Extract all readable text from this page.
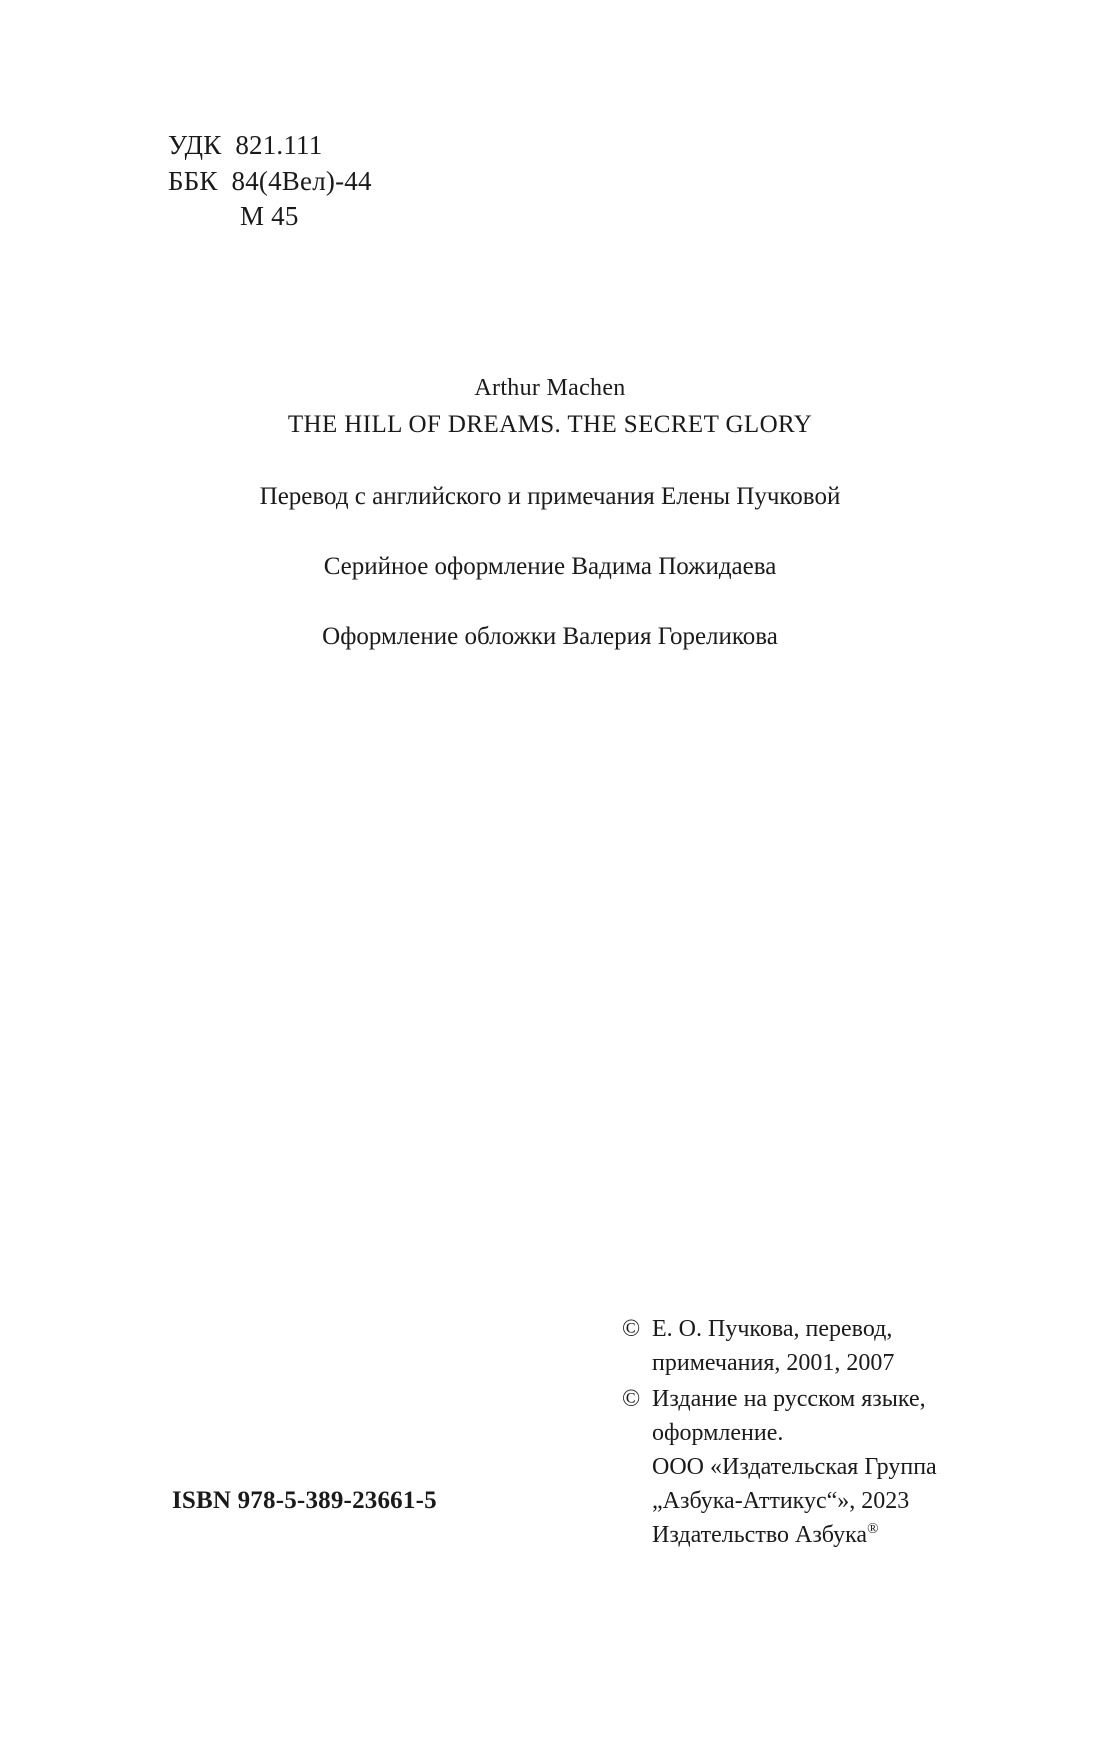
УДК  821.111
ББК  84(4Вел)-44
М 45
Arthur Machen
THE HILL OF DREAMS. THE SECRET GLORY
Перевод с английского и примечания Елены Пучковой
Серийное оформление Вадима Пожидаева
Оформление обложки Валерия Гореликова
© Е. О. Пучкова, перевод,
примечания, 2001, 2007
© Издание на русском языке,
оформление.
ООО «Издательская Группа
„Азбука-Аттикус“», 2023
Издательство Азбука®
ISBN 978-5-389-23661-5
